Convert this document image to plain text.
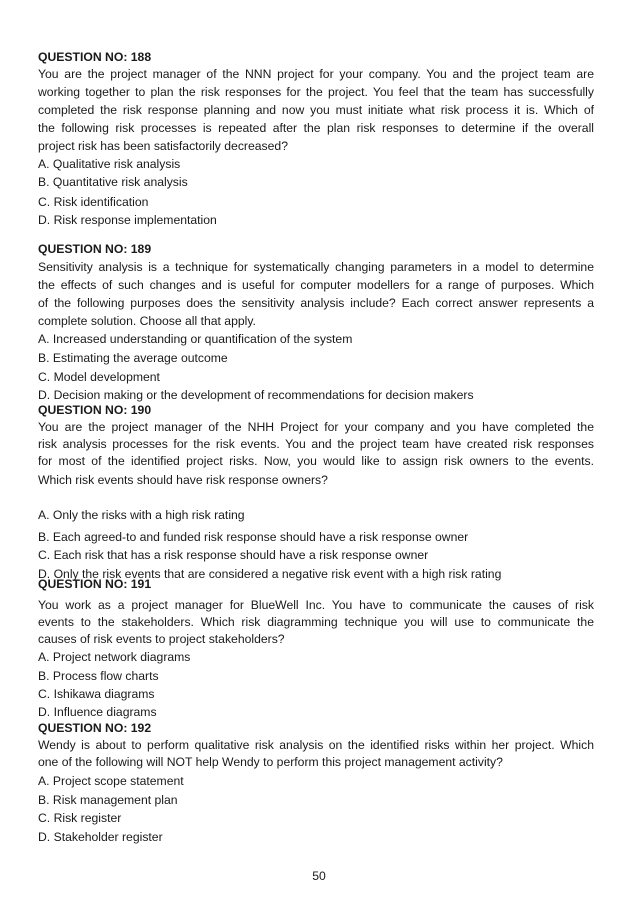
QUESTION NO: 188
You are the project manager of the NNN project for your company. You and the project team are
working together to plan the risk responses for the project. You feel that the team has successfully
completed the risk response planning and now you must initiate what risk process it is. Which of
the following risk processes is repeated after the plan risk responses to determine if the overall
project risk has been satisfactorily decreased?
A. Qualitative risk analysis
B. Quantitative risk analysis
C. Risk identification
D. Risk response implementation
QUESTION NO: 189
Sensitivity analysis is a technique for systematically changing parameters in a model to determine
the effects of such changes and is useful for computer modellers for a range of purposes. Which
of the following purposes does the sensitivity analysis include? Each correct answer represents a
complete solution. Choose all that apply.
A. Increased understanding or quantification of the system
B. Estimating the average outcome
C. Model development
D. Decision making or the development of recommendations for decision makers
QUESTION NO: 190
You are the project manager of the NHH Project for your company and you have completed the
risk analysis processes for the risk events. You and the project team have created risk responses
for most of the identified project risks. Now, you would like to assign risk owners to the events.
Which risk events should have risk response owners?
A. Only the risks with a high risk rating
B. Each agreed-to and funded risk response should have a risk response owner
C. Each risk that has a risk response should have a risk response owner
D. Only the risk events that are considered a negative risk event with a high risk rating
QUESTION NO: 191
You work as a project manager for BlueWell Inc. You have to communicate the causes of risk
events to the stakeholders. Which risk diagramming technique you will use to communicate the
causes of risk events to project stakeholders?
A. Project network diagrams
B. Process flow charts
C. Ishikawa diagrams
D. Influence diagrams
QUESTION NO: 192
Wendy is about to perform qualitative risk analysis on the identified risks within her project. Which
one of the following will NOT help Wendy to perform this project management activity?
A. Project scope statement
B. Risk management plan
C. Risk register
D. Stakeholder register
50
